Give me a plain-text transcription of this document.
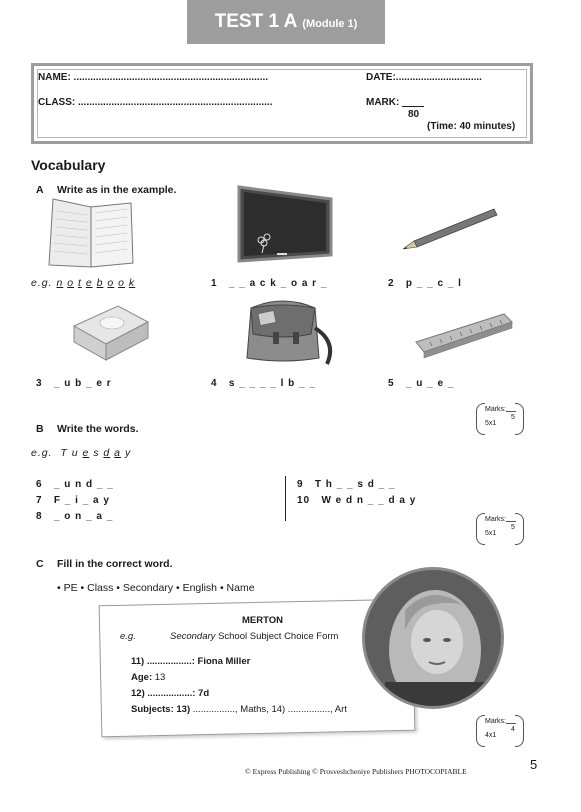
TEST 1 A (Module 1)
NAME: ......................................................................
CLASS: ......................................................................
DATE:...............................
MARK:
80
(Time: 40 minutes)
Vocabulary
A Write as in the example.
e.g. n o t e b o o k	1 _ _ a c k _ o a r _	2 p _ _ c _ l
3 _ u b _ e r	4 s _ _ _ _ l b _ _	5 _ u _ e _
Marks:
5
5x1
B Write the words.
e.g. T u e s d a y
6 _ u n d _ _
7 F _ i _ a y
8 _ o n _ a _
9 T h _ _ s d _ _
10 W e d n _ _ d a y
Marks:
5
5x1
C Fill in the correct word.
• PE • Class • Secondary • English • Name
MERTON
e.g.	Secondary School Subject Choice Form
11) .................: Fiona Miller
Age: 13
12) .................: 7d
Subjects: 13) ................, Maths, 14) ................, Art
Marks:
4
4x1
© Express Publishing © Prosveshcheniye Publishers PHOTOCOPIABLE	5
